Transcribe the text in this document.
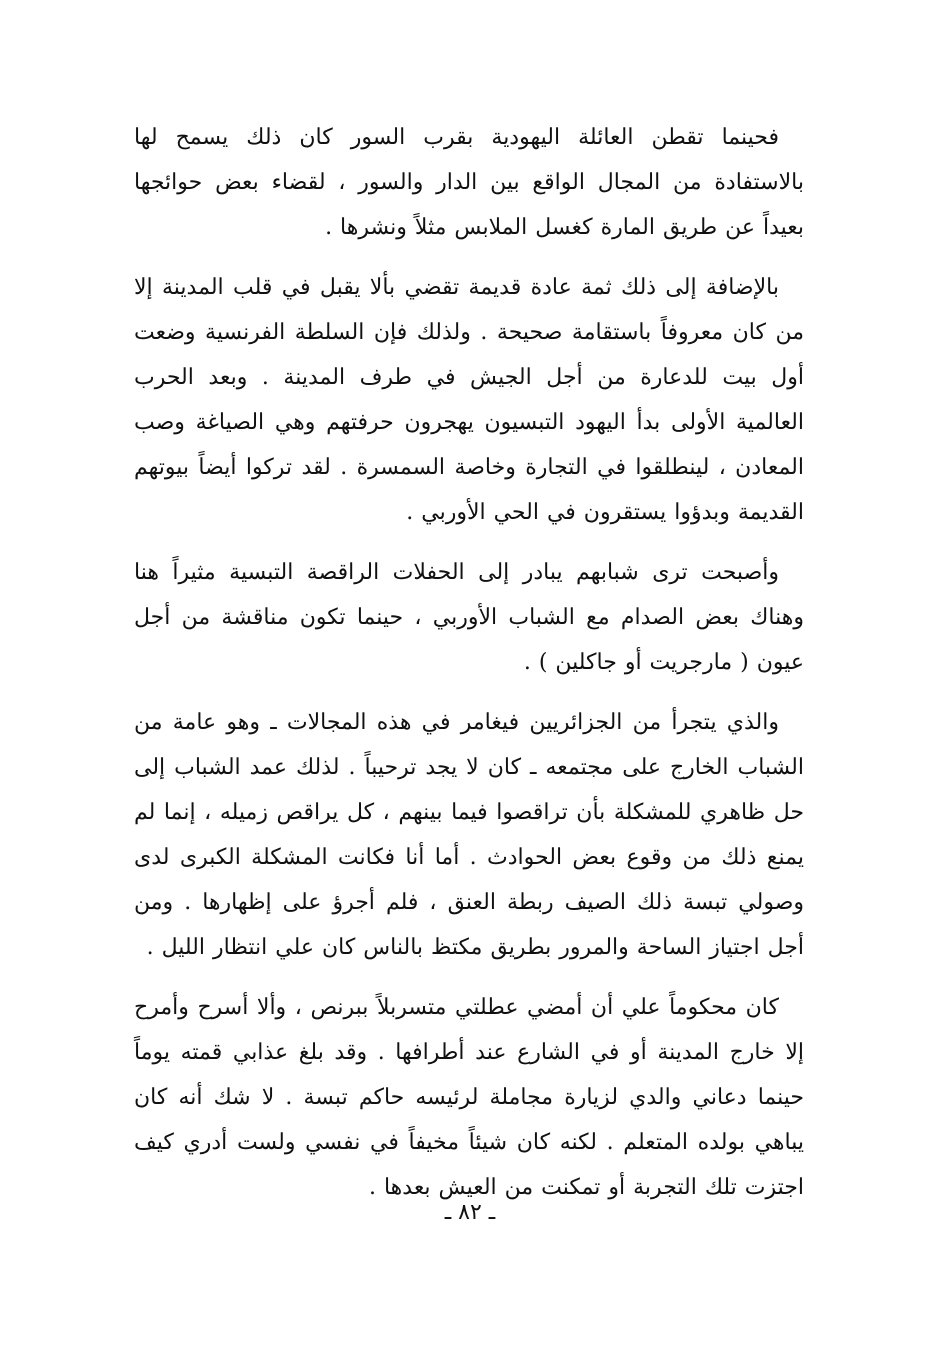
فحينما تقطن العائلة اليهودية بقرب السور كان ذلك يسمح لها بالاستفادة من المجال الواقع بين الدار والسور ، لقضاء بعض حوائجها بعيداً عن طريق المارة كغسل الملابس مثلاً ونشرها .

بالإضافة إلى ذلك ثمة عادة قديمة تقضي بألا يقبل في قلب المدينة إلا من كان معروفاً باستقامة صحيحة . ولذلك فإن السلطة الفرنسية وضعت أول بيت للدعارة من أجل الجيش في طرف المدينة . وبعد الحرب العالمية الأولى بدأ اليهود التبسيون يهجرون حرفتهم وهي الصياغة وصب المعادن ، لينطلقوا في التجارة وخاصة السمسرة . لقد تركوا أيضاً بيوتهم القديمة وبدؤوا يستقرون في الحي الأوربي .

وأصبحت ترى شبابهم يبادر إلى الحفلات الراقصة التبسية مثيراً هنا وهناك بعض الصدام مع الشباب الأوربي ، حينما تكون مناقشة من أجل عيون ( مارجريت أو جاكلين ) .

والذي يتجرأ من الجزائريين فيغامر في هذه المجالات ـ وهو عامة من الشباب الخارج على مجتمعه ـ كان لا يجد ترحيباً . لذلك عمد الشباب إلى حل ظاهري للمشكلة بأن تراقصوا فيما بينهم ، كل يراقص زميله ، إنما لم يمنع ذلك من وقوع بعض الحوادث . أما أنا فكانت المشكلة الكبرى لدى وصولي تبسة ذلك الصيف ربطة العنق ، فلم أجرؤ على إظهارها . ومن أجل اجتياز الساحة والمرور بطريق مكتظ بالناس كان علي انتظار الليل .

كان محكوماً علي أن أمضي عطلتي متسربلاً ببرنص ، وألا أسرح وأمرح إلا خارج المدينة أو في الشارع عند أطرافها . وقد بلغ عذابي قمته يوماً حينما دعاني والدي لزيارة مجاملة لرئيسه حاكم تبسة . لا شك أنه كان يباهي بولده المتعلم . لكنه كان شيئاً مخيفاً في نفسي ولست أدري كيف اجتزت تلك التجربة أو تمكنت من العيش بعدها .

ـ ٨٢ ـ
